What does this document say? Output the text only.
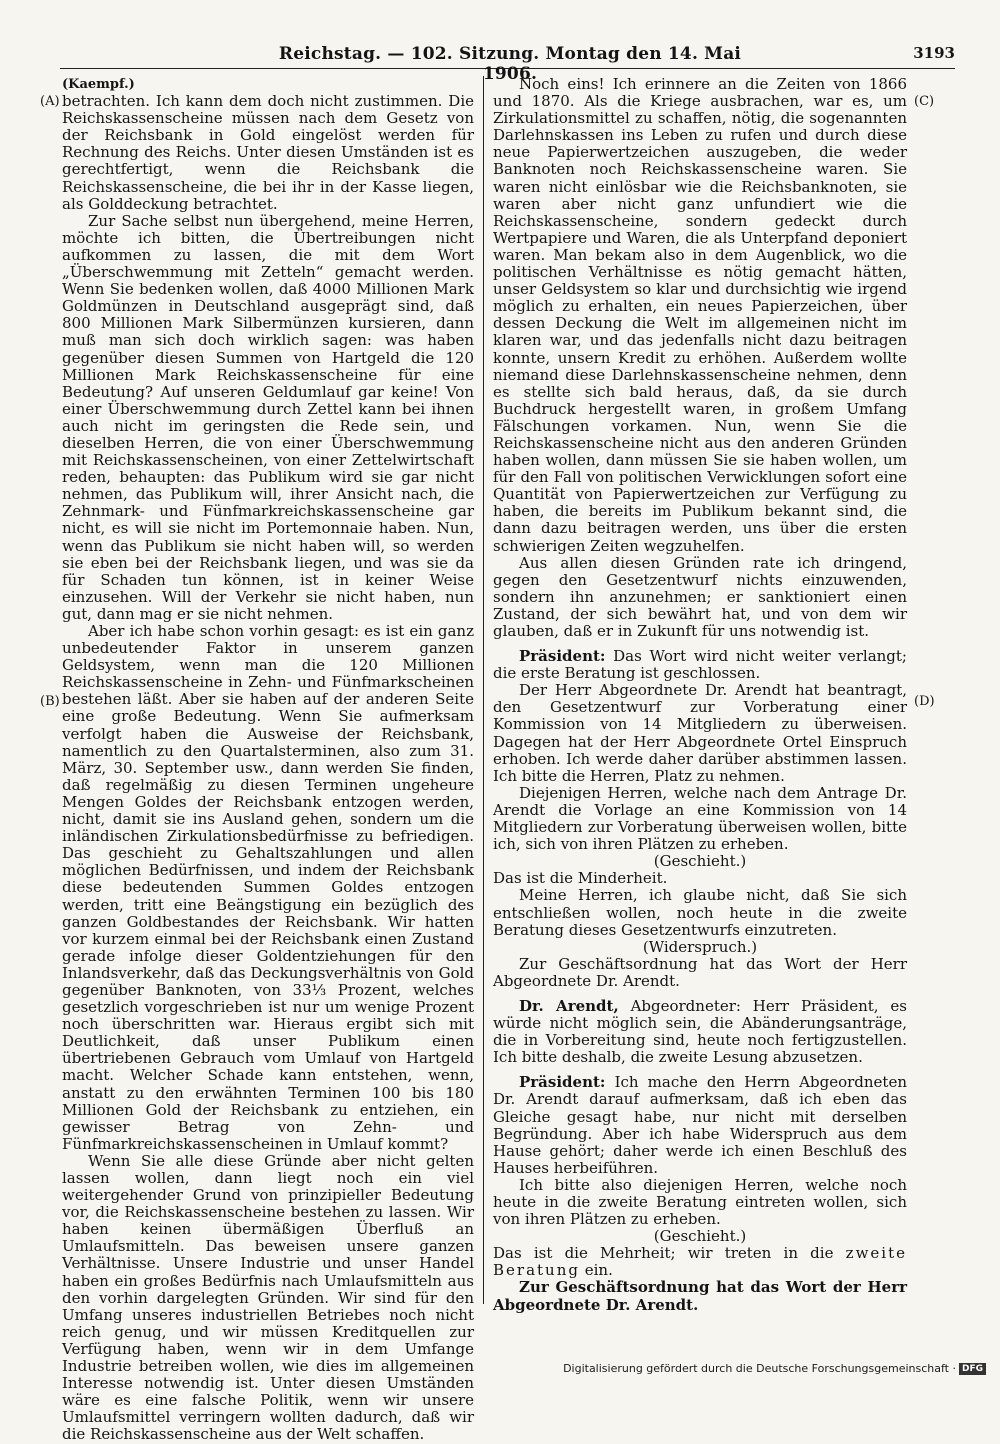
Reichstag. — 102. Sitzung. Montag den 14. Mai 1906.
3193
(A)
(B)
(C)
(D)

(Kaempf.)

betrachten. Ich kann dem doch nicht zustimmen. Die Reichskassenscheine müssen nach dem Gesetz von der Reichsbank in Gold eingelöst werden für Rechnung des Reichs. Unter diesen Umständen ist es gerechtfertigt, wenn die Reichsbank die Reichskassenscheine, die bei ihr in der Kasse liegen, als Golddeckung betrachtet.

Zur Sache selbst nun übergehend, meine Herren, möchte ich bitten, die Übertreibungen nicht aufkommen zu lassen, die mit dem Wort „Überschwemmung mit Zetteln“ gemacht werden. Wenn Sie bedenken wollen, daß 4000 Millionen Mark Goldmünzen in Deutschland ausgeprägt sind, daß 800 Millionen Mark Silbermünzen kursieren, dann muß man sich doch wirklich sagen: was haben gegenüber diesen Summen von Hartgeld die 120 Millionen Mark Reichskassenscheine für eine Bedeutung? Auf unseren Geldumlauf gar keine! Von einer Überschwemmung durch Zettel kann bei ihnen auch nicht im geringsten die Rede sein, und dieselben Herren, die von einer Überschwemmung mit Reichskassenscheinen, von einer Zettelwirtschaft reden, behaupten: das Publikum wird sie gar nicht nehmen, das Publikum will, ihrer Ansicht nach, die Zehnmark- und Fünfmarkreichskassenscheine gar nicht, es will sie nicht im Portemonnaie haben. Nun, wenn das Publikum sie nicht haben will, so werden sie eben bei der Reichsbank liegen, und was sie da für Schaden tun können, ist in keiner Weise einzusehen. Will der Verkehr sie nicht haben, nun gut, dann mag er sie nicht nehmen.

Aber ich habe schon vorhin gesagt: es ist ein ganz unbedeutender Faktor in unserem ganzen Geldsystem, wenn man die 120 Millionen Reichskassenscheine in Zehn- und Fünfmarkscheinen bestehen läßt. Aber sie haben auf der anderen Seite eine große Bedeutung. Wenn Sie aufmerksam verfolgt haben die Ausweise der Reichsbank, namentlich zu den Quartalsterminen, also zum 31. März, 30. September usw., dann werden Sie finden, daß regelmäßig zu diesen Terminen ungeheure Mengen Goldes der Reichsbank entzogen werden, nicht, damit sie ins Ausland gehen, sondern um die inländischen Zirkulationsbedürfnisse zu befriedigen. Das geschieht zu Gehaltszahlungen und allen möglichen Bedürfnissen, und indem der Reichsbank diese bedeutenden Summen Goldes entzogen werden, tritt eine Beängstigung ein bezüglich des ganzen Goldbestandes der Reichsbank. Wir hatten vor kurzem einmal bei der Reichsbank einen Zustand gerade infolge dieser Goldentziehungen für den Inlandsverkehr, daß das Deckungsverhältnis von Gold gegenüber Banknoten, von 33⅓ Prozent, welches gesetzlich vorgeschrieben ist nur um wenige Prozent noch überschritten war. Hieraus ergibt sich mit Deutlichkeit, daß unser Publikum einen übertriebenen Gebrauch vom Umlauf von Hartgeld macht. Welcher Schade kann entstehen, wenn, anstatt zu den erwähnten Terminen 100 bis 180 Millionen Gold der Reichsbank zu entziehen, ein gewisser Betrag von Zehn- und Fünfmarkreichskassenscheinen in Umlauf kommt?

Wenn Sie alle diese Gründe aber nicht gelten lassen wollen, dann liegt noch ein viel weitergehender Grund von prinzipieller Bedeutung vor, die Reichskassenscheine bestehen zu lassen. Wir haben keinen übermäßigen Überfluß an Umlaufsmitteln. Das beweisen unsere ganzen Verhältnisse. Unsere Industrie und unser Handel haben ein großes Bedürfnis nach Umlaufsmitteln aus den vorhin dargelegten Gründen. Wir sind für den Umfang unseres industriellen Betriebes noch nicht reich genug, und wir müssen Kreditquellen zur Verfügung haben, wenn wir in dem Umfange Industrie betreiben wollen, wie dies im allgemeinen Interesse notwendig ist. Unter diesen Umständen wäre es eine falsche Politik, wenn wir unsere Umlaufsmittel verringern wollten dadurch, daß wir die Reichskassenscheine aus der Welt schaffen.

Noch eins! Ich erinnere an die Zeiten von 1866 und 1870. Als die Kriege ausbrachen, war es, um Zirkulationsmittel zu schaffen, nötig, die sogenannten Darlehnskassen ins Leben zu rufen und durch diese neue Papierwertzeichen auszugeben, die weder Banknoten noch Reichskassenscheine waren. Sie waren nicht einlösbar wie die Reichsbanknoten, sie waren aber nicht ganz unfundiert wie die Reichskassenscheine, sondern gedeckt durch Wertpapiere und Waren, die als Unterpfand deponiert waren. Man bekam also in dem Augenblick, wo die politischen Verhältnisse es nötig gemacht hätten, unser Geldsystem so klar und durchsichtig wie irgend möglich zu erhalten, ein neues Papierzeichen, über dessen Deckung die Welt im allgemeinen nicht im klaren war, und das jedenfalls nicht dazu beitragen konnte, unsern Kredit zu erhöhen. Außerdem wollte niemand diese Darlehnskassenscheine nehmen, denn es stellte sich bald heraus, daß, da sie durch Buchdruck hergestellt waren, in großem Umfang Fälschungen vorkamen. Nun, wenn Sie die Reichskassenscheine nicht aus den anderen Gründen haben wollen, dann müssen Sie sie haben wollen, um für den Fall von politischen Verwicklungen sofort eine Quantität von Papierwertzeichen zur Verfügung zu haben, die bereits im Publikum bekannt sind, die dann dazu beitragen werden, uns über die ersten schwierigen Zeiten wegzuhelfen.

Aus allen diesen Gründen rate ich dringend, gegen den Gesetzentwurf nichts einzuwenden, sondern ihn anzunehmen; er sanktioniert einen Zustand, der sich bewährt hat, und von dem wir glauben, daß er in Zukunft für uns notwendig ist.

Präsident: Das Wort wird nicht weiter verlangt; die erste Beratung ist geschlossen.

Der Herr Abgeordnete Dr. Arendt hat beantragt, den Gesetzentwurf zur Vorberatung einer Kommission von 14 Mitgliedern zu überweisen. Dagegen hat der Herr Abgeordnete Ortel Einspruch erhoben. Ich werde daher darüber abstimmen lassen. Ich bitte die Herren, Platz zu nehmen.

Diejenigen Herren, welche nach dem Antrage Dr. Arendt die Vorlage an eine Kommission von 14 Mitgliedern zur Vorberatung überweisen wollen, bitte ich, sich von ihren Plätzen zu erheben.

(Geschieht.)

Das ist die Minderheit.

Meine Herren, ich glaube nicht, daß Sie sich entschließen wollen, noch heute in die zweite Beratung dieses Gesetzentwurfs einzutreten.

(Widerspruch.)

Zur Geschäftsordnung hat das Wort der Herr Abgeordnete Dr. Arendt.

Dr. Arendt, Abgeordneter: Herr Präsident, es würde nicht möglich sein, die Abänderungsanträge, die in Vorbereitung sind, heute noch fertigzustellen. Ich bitte deshalb, die zweite Lesung abzusetzen.

Präsident: Ich mache den Herrn Abgeordneten Dr. Arendt darauf aufmerksam, daß ich eben das Gleiche gesagt habe, nur nicht mit derselben Begründung. Aber ich habe Widerspruch aus dem Hause gehört; daher werde ich einen Beschluß des Hauses herbeiführen.

Ich bitte also diejenigen Herren, welche noch heute in die zweite Beratung eintreten wollen, sich von ihren Plätzen zu erheben.

(Geschieht.)

Das ist die Mehrheit; wir treten in die zweite Beratung ein.

Zur Geschäftsordnung hat das Wort der Herr Abgeordnete Dr. Arendt.

Digitalisierung gefördert durch die Deutsche Forschungsgemeinschaft · DFG
